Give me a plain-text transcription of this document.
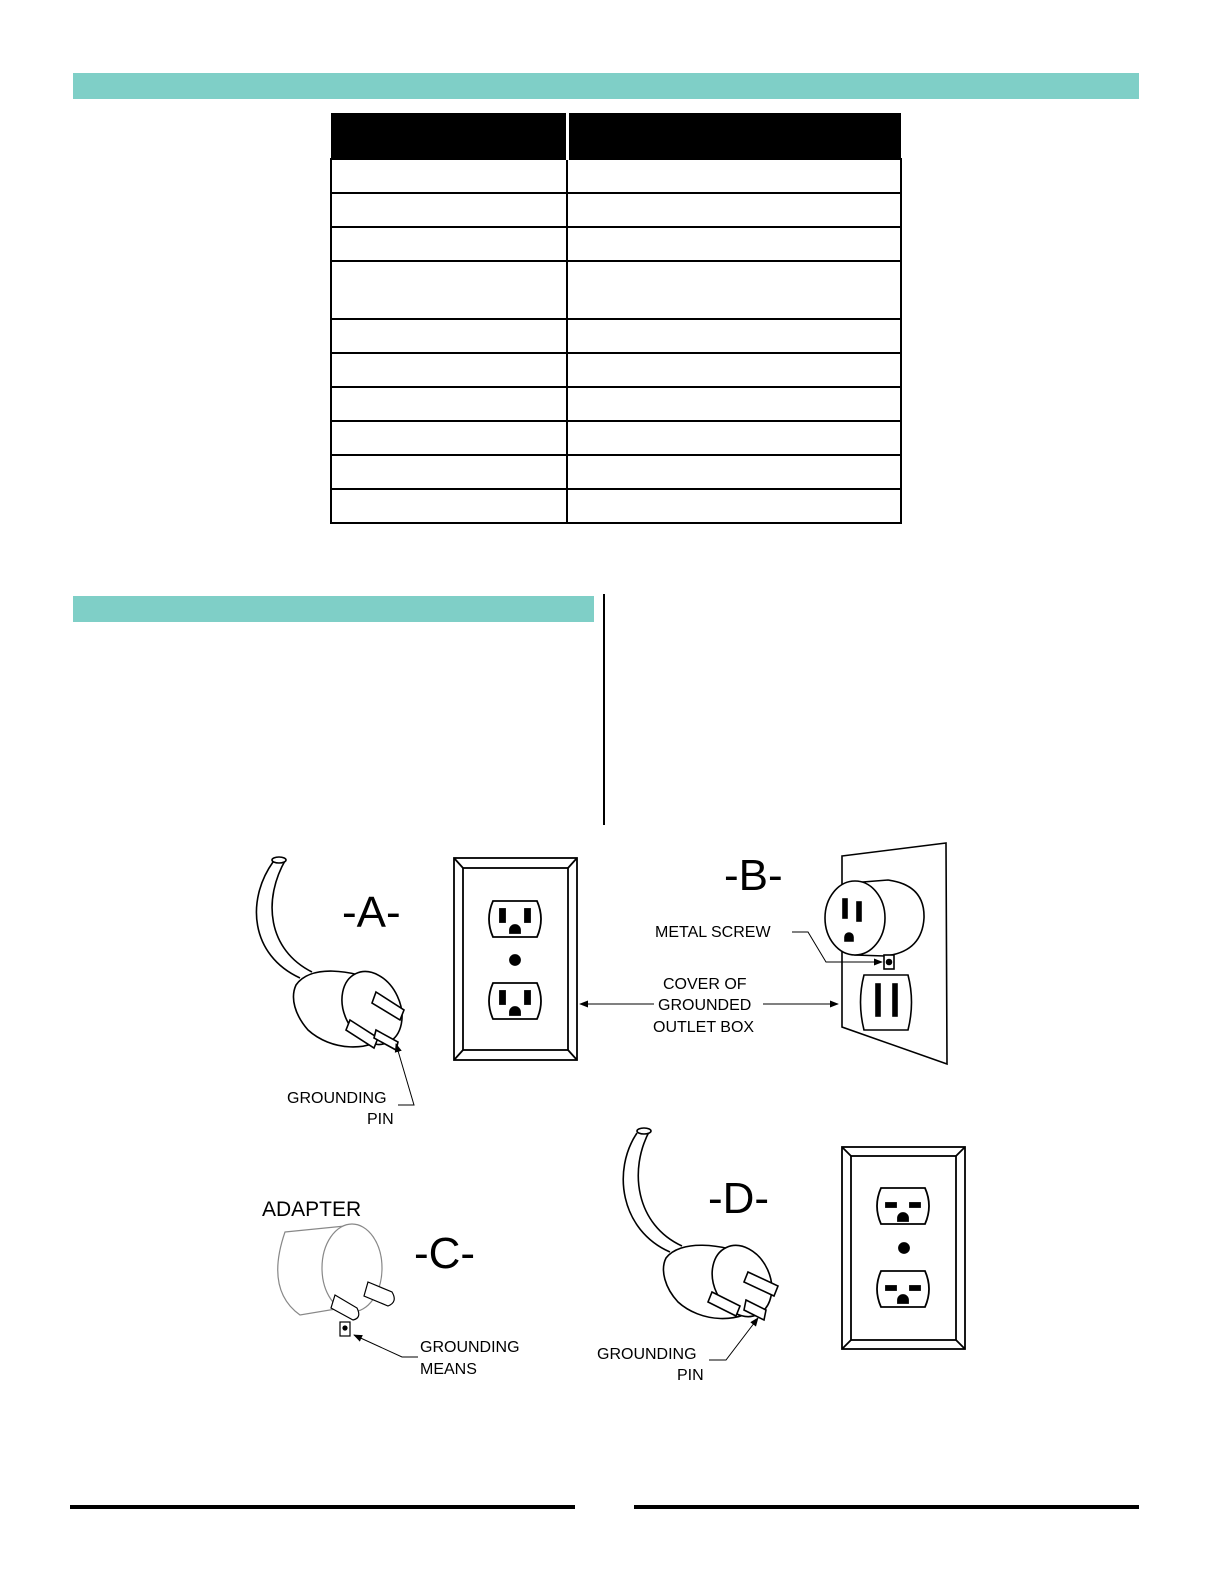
-A-
GROUNDING
PIN
-B-
METAL SCREW
COVER OF
GROUNDED
OUTLET BOX
ADAPTER
-C-
GROUNDING
MEANS
-D-
GROUNDING
PIN
